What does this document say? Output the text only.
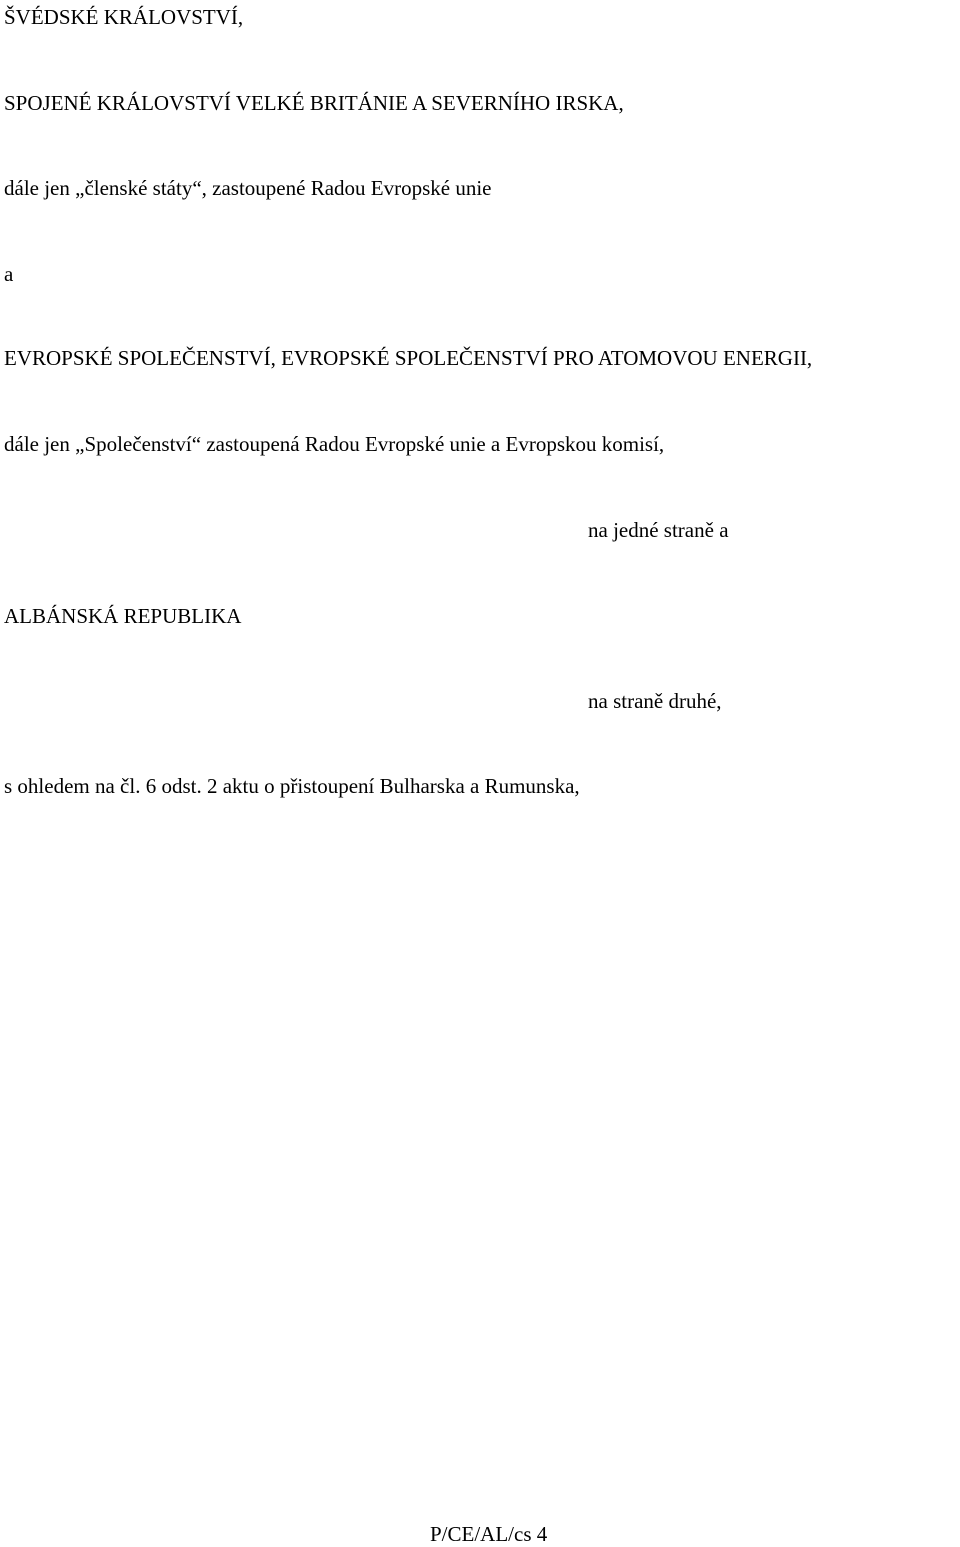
ŠVÉDSKÉ KRÁLOVSTVÍ,
SPOJENÉ KRÁLOVSTVÍ VELKÉ BRITÁNIE A SEVERNÍHO IRSKA,
dále jen „členské státy“, zastoupené Radou Evropské unie
a
EVROPSKÉ SPOLEČENSTVÍ, EVROPSKÉ SPOLEČENSTVÍ PRO ATOMOVOU ENERGII,
dále jen „Společenství“ zastoupená Radou Evropské unie a Evropskou komisí,
na jedné straně a
ALBÁNSKÁ REPUBLIKA
na straně druhé,
s ohledem na čl. 6 odst. 2 aktu o přistoupení Bulharska a Rumunska,
P/CE/AL/cs 4
